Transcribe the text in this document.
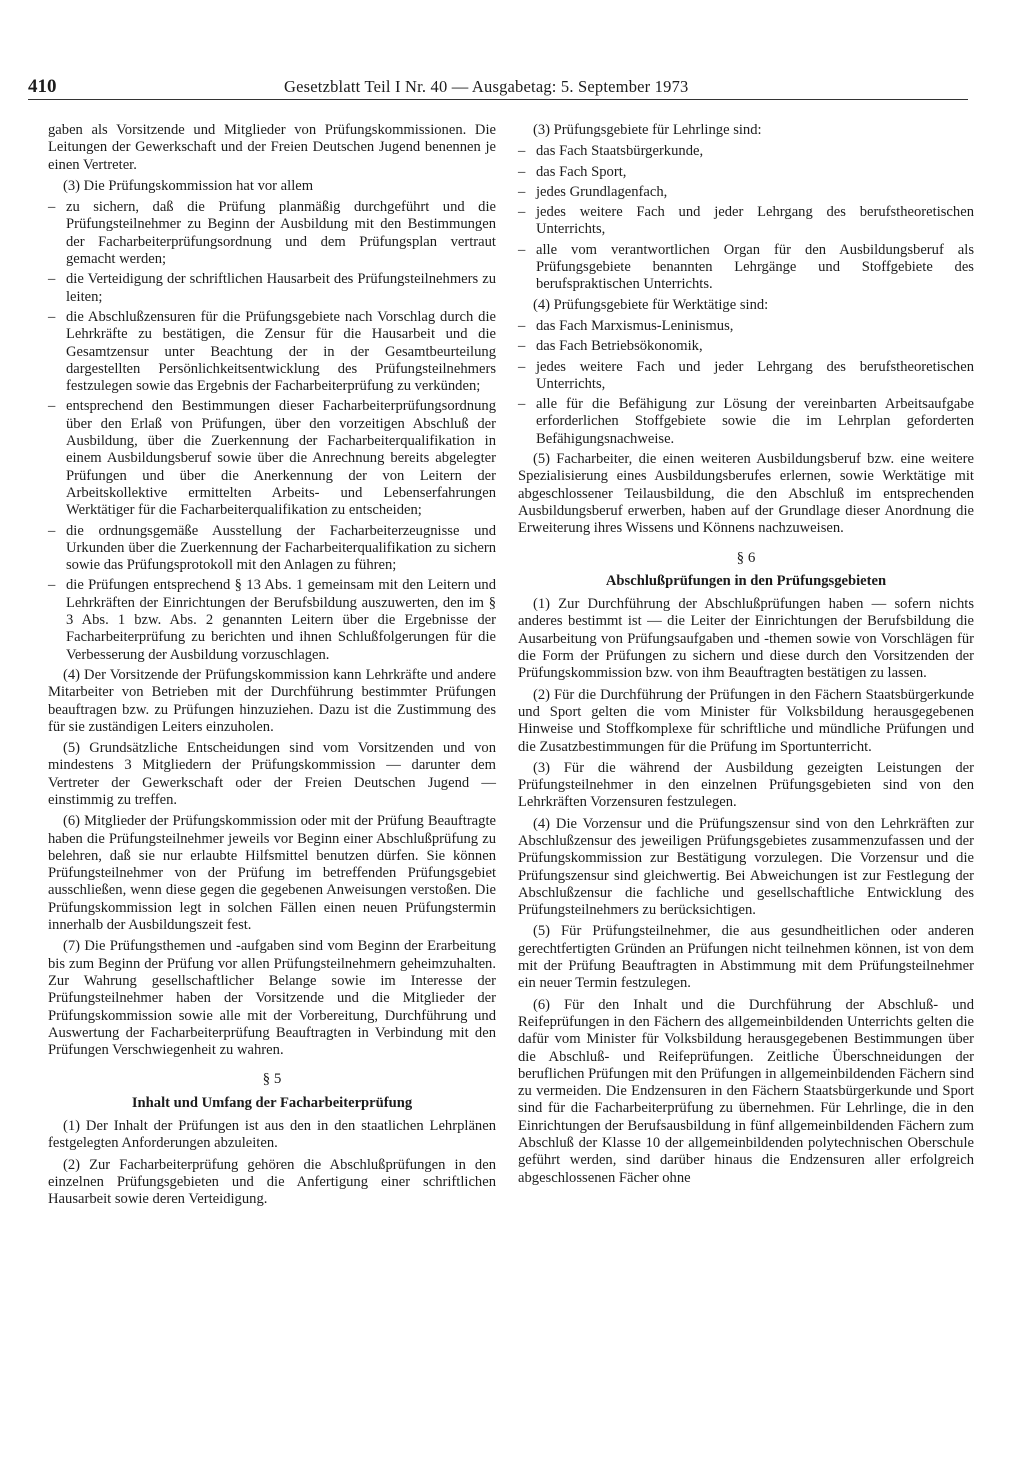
410	Gesetzblatt Teil I Nr. 40 — Ausgabetag: 5. September 1973

gaben als Vorsitzende und Mitglieder von Prüfungskommissionen. Die Leitungen der Gewerkschaft und der Freien Deutschen Jugend benennen je einen Vertreter.

(3) Die Prüfungskommission hat vor allem

– zu sichern, daß die Prüfung planmäßig durchgeführt und die Prüfungsteilnehmer zu Beginn der Ausbildung mit den Bestimmungen der Facharbeiterprüfungsordnung und dem Prüfungsplan vertraut gemacht werden;
– die Verteidigung der schriftlichen Hausarbeit des Prüfungsteilnehmers zu leiten;
– die Abschlußzensuren für die Prüfungsgebiete nach Vorschlag durch die Lehrkräfte zu bestätigen, die Zensur für die Hausarbeit und die Gesamtzensur unter Beachtung der in der Gesamtbeurteilung dargestellten Persönlichkeitsentwicklung des Prüfungsteilnehmers festzulegen sowie das Ergebnis der Facharbeiterprüfung zu verkünden;
– entsprechend den Bestimmungen dieser Facharbeiterprüfungsordnung über den Erlaß von Prüfungen, über den vorzeitigen Abschluß der Ausbildung, über die Zuerkennung der Facharbeiterqualifikation in einem Ausbildungsberuf sowie über die Anrechnung bereits abgelegter Prüfungen und über die Anerkennung der von Leitern der Arbeitskollektive ermittelten Arbeits- und Lebenserfahrungen Werktätiger für die Facharbeiterqualifikation zu entscheiden;
– die ordnungsgemäße Ausstellung der Facharbeiterzeugnisse und Urkunden über die Zuerkennung der Facharbeiterqualifikation zu sichern sowie das Prüfungsprotokoll mit den Anlagen zu führen;
– die Prüfungen entsprechend § 13 Abs. 1 gemeinsam mit den Leitern und Lehrkräften der Einrichtungen der Berufsbildung auszuwerten, den im § 3 Abs. 1 bzw. Abs. 2 genannten Leitern über die Ergebnisse der Facharbeiterprüfung zu berichten und ihnen Schlußfolgerungen für die Verbesserung der Ausbildung vorzuschlagen.

(4) Der Vorsitzende der Prüfungskommission kann Lehrkräfte und andere Mitarbeiter von Betrieben mit der Durchführung bestimmter Prüfungen beauftragen bzw. zu Prüfungen hinzuziehen. Dazu ist die Zustimmung des für sie zuständigen Leiters einzuholen.

(5) Grundsätzliche Entscheidungen sind vom Vorsitzenden und von mindestens 3 Mitgliedern der Prüfungskommission — darunter dem Vertreter der Gewerkschaft oder der Freien Deutschen Jugend — einstimmig zu treffen.

(6) Mitglieder der Prüfungskommission oder mit der Prüfung Beauftragte haben die Prüfungsteilnehmer jeweils vor Beginn einer Abschlußprüfung zu belehren, daß sie nur erlaubte Hilfsmittel benutzen dürfen. Sie können Prüfungsteilnehmer von der Prüfung im betreffenden Prüfungsgebiet ausschließen, wenn diese gegen die gegebenen Anweisungen verstoßen. Die Prüfungskommission legt in solchen Fällen einen neuen Prüfungstermin innerhalb der Ausbildungszeit fest.

(7) Die Prüfungsthemen und -aufgaben sind vom Beginn der Erarbeitung bis zum Beginn der Prüfung vor allen Prüfungsteilnehmern geheimzuhalten. Zur Wahrung gesellschaftlicher Belange sowie im Interesse der Prüfungsteilnehmer haben der Vorsitzende und die Mitglieder der Prüfungskommission sowie alle mit der Vorbereitung, Durchführung und Auswertung der Facharbeiterprüfung Beauftragten in Verbindung mit den Prüfungen Verschwiegenheit zu wahren.

§ 5
Inhalt und Umfang der Facharbeiterprüfung

(1) Der Inhalt der Prüfungen ist aus den in den staatlichen Lehrplänen festgelegten Anforderungen abzuleiten.

(2) Zur Facharbeiterprüfung gehören die Abschlußprüfungen in den einzelnen Prüfungsgebieten und die Anfertigung einer schriftlichen Hausarbeit sowie deren Verteidigung.

(3) Prüfungsgebiete für Lehrlinge sind:

– das Fach Staatsbürgerkunde,
– das Fach Sport,
– jedes Grundlagenfach,
– jedes weitere Fach und jeder Lehrgang des berufstheoretischen Unterrichts,
– alle vom verantwortlichen Organ für den Ausbildungsberuf als Prüfungsgebiete benannten Lehrgänge und Stoffgebiete des berufspraktischen Unterrichts.

(4) Prüfungsgebiete für Werktätige sind:

– das Fach Marxismus-Leninismus,
– das Fach Betriebsökonomik,
– jedes weitere Fach und jeder Lehrgang des berufstheoretischen Unterrichts,
– alle für die Befähigung zur Lösung der vereinbarten Arbeitsaufgabe erforderlichen Stoffgebiete sowie die im Lehrplan geforderten Befähigungsnachweise.

(5) Facharbeiter, die einen weiteren Ausbildungsberuf bzw. eine weitere Spezialisierung eines Ausbildungsberufes erlernen, sowie Werktätige mit abgeschlossener Teilausbildung, die den Abschluß im entsprechenden Ausbildungsberuf erwerben, haben auf der Grundlage dieser Anordnung die Erweiterung ihres Wissens und Könnens nachzuweisen.

§ 6
Abschlußprüfungen in den Prüfungsgebieten

(1) Zur Durchführung der Abschlußprüfungen haben — sofern nichts anderes bestimmt ist — die Leiter der Einrichtungen der Berufsbildung die Ausarbeitung von Prüfungsaufgaben und -themen sowie von Vorschlägen für die Form der Prüfungen zu sichern und diese durch den Vorsitzenden der Prüfungskommission bzw. von ihm Beauftragten bestätigen zu lassen.

(2) Für die Durchführung der Prüfungen in den Fächern Staatsbürgerkunde und Sport gelten die vom Minister für Volksbildung herausgegebenen Hinweise und Stoffkomplexe für schriftliche und mündliche Prüfungen und die Zusatzbestimmungen für die Prüfung im Sportunterricht.

(3) Für die während der Ausbildung gezeigten Leistungen der Prüfungsteilnehmer in den einzelnen Prüfungsgebieten sind von den Lehrkräften Vorzensuren festzulegen.

(4) Die Vorzensur und die Prüfungszensur sind von den Lehrkräften zur Abschlußzensur des jeweiligen Prüfungsgebietes zusammenzufassen und der Prüfungskommission zur Bestätigung vorzulegen. Die Vorzensur und die Prüfungszensur sind gleichwertig. Bei Abweichungen ist zur Festlegung der Abschlußzensur die fachliche und gesellschaftliche Entwicklung des Prüfungsteilnehmers zu berücksichtigen.

(5) Für Prüfungsteilnehmer, die aus gesundheitlichen oder anderen gerechtfertigten Gründen an Prüfungen nicht teilnehmen können, ist von dem mit der Prüfung Beauftragten in Abstimmung mit dem Prüfungsteilnehmer ein neuer Termin festzulegen.

(6) Für den Inhalt und die Durchführung der Abschluß- und Reifeprüfungen in den Fächern des allgemeinbildenden Unterrichts gelten die dafür vom Minister für Volksbildung herausgegebenen Bestimmungen über die Abschluß- und Reifeprüfungen. Zeitliche Überschneidungen der beruflichen Prüfungen mit den Prüfungen in allgemeinbildenden Fächern sind zu vermeiden. Die Endzensuren in den Fächern Staatsbürgerkunde und Sport sind für die Facharbeiterprüfung zu übernehmen. Für Lehrlinge, die in den Einrichtungen der Berufsausbildung in fünf allgemeinbildenden Fächern zum Abschluß der Klasse 10 der allgemeinbildenden polytechnischen Oberschule geführt werden, sind darüber hinaus die Endzensuren aller erfolgreich abgeschlossenen Fächer ohne
